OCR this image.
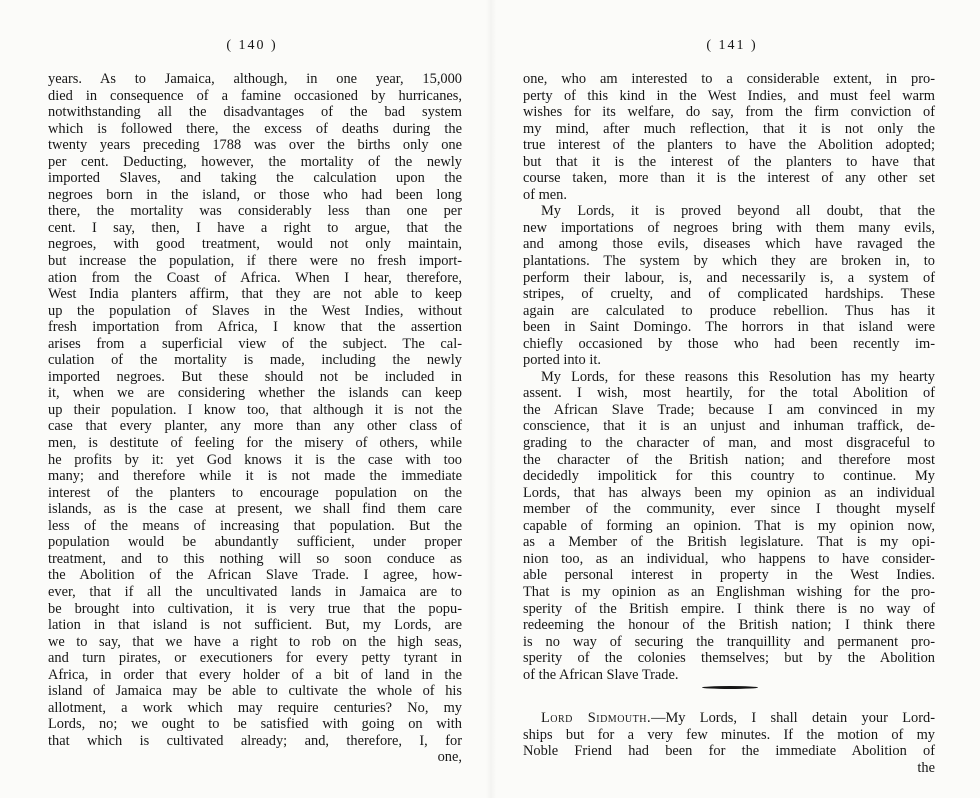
( 140 )	( 141 )
years. As to Jamaica, although, in one year, 15,000
died in consequence of a famine occasioned by hurricanes,
notwithstanding all the disadvantages of the bad system
which is followed there, the excess of deaths during the
twenty years preceding 1788 was over the births only one
per cent. Deducting, however, the mortality of the newly
imported Slaves, and taking the calculation upon the
negroes born in the island, or those who had been long
there, the mortality was considerably less than one per
cent. I say, then, I have a right to argue, that the
negroes, with good treatment, would not only maintain,
but increase the population, if there were no fresh import-
ation from the Coast of Africa. When I hear, therefore,
West India planters affirm, that they are not able to keep
up the population of Slaves in the West Indies, without
fresh importation from Africa, I know that the assertion
arises from a superficial view of the subject. The cal-
culation of the mortality is made, including the newly
imported negroes. But these should not be included in
it, when we are considering whether the islands can keep
up their population. I know too, that although it is not the
case that every planter, any more than any other class of
men, is destitute of feeling for the misery of others, while
he profits by it: yet God knows it is the case with too
many; and therefore while it is not made the immediate
interest of the planters to encourage population on the
islands, as is the case at present, we shall find them care
less of the means of increasing that population. But the
population would be abundantly sufficient, under proper
treatment, and to this nothing will so soon conduce as
the Abolition of the African Slave Trade. I agree, how-
ever, that if all the uncultivated lands in Jamaica are to
be brought into cultivation, it is very true that the popu-
lation in that island is not sufficient. But, my Lords, are
we to say, that we have a right to rob on the high seas,
and turn pirates, or executioners for every petty tyrant in
Africa, in order that every holder of a bit of land in the
island of Jamaica may be able to cultivate the whole of his
allotment, a work which may require centuries? No, my
Lords, no; we ought to be satisfied with going on with
that which is cultivated already; and, therefore, I, for
one,
one, who am interested to a considerable extent, in pro-
perty of this kind in the West Indies, and must feel warm
wishes for its welfare, do say, from the firm conviction of
my mind, after much reflection, that it is not only the
true interest of the planters to have the Abolition adopted;
but that it is the interest of the planters to have that
course taken, more than it is the interest of any other set
of men.
My Lords, it is proved beyond all doubt, that the
new importations of negroes bring with them many evils,
and among those evils, diseases which have ravaged the
plantations. The system by which they are broken in, to
perform their labour, is, and necessarily is, a system of
stripes, of cruelty, and of complicated hardships. These
again are calculated to produce rebellion. Thus has it
been in Saint Domingo. The horrors in that island were
chiefly occasioned by those who had been recently im-
ported into it.
My Lords, for these reasons this Resolution has my hearty
assent. I wish, most heartily, for the total Abolition of
the African Slave Trade; because I am convinced in my
conscience, that it is an unjust and inhuman traffick, de-
grading to the character of man, and most disgraceful to
the character of the British nation; and therefore most
decidedly impolitick for this country to continue. My
Lords, that has always been my opinion as an individual
member of the community, ever since I thought myself
capable of forming an opinion. That is my opinion now,
as a Member of the British legislature. That is my opi-
nion too, as an individual, who happens to have consider-
able personal interest in property in the West Indies.
That is my opinion as an Englishman wishing for the pro-
sperity of the British empire. I think there is no way of
redeeming the honour of the British nation; I think there
is no way of securing the tranquillity and permanent pro-
sperity of the colonies themselves; but by the Abolition
of the African Slave Trade.
Lord Sidmouth.—My Lords, I shall detain your Lord-
ships but for a very few minutes. If the motion of my
Noble Friend had been for the immediate Abolition of
the
